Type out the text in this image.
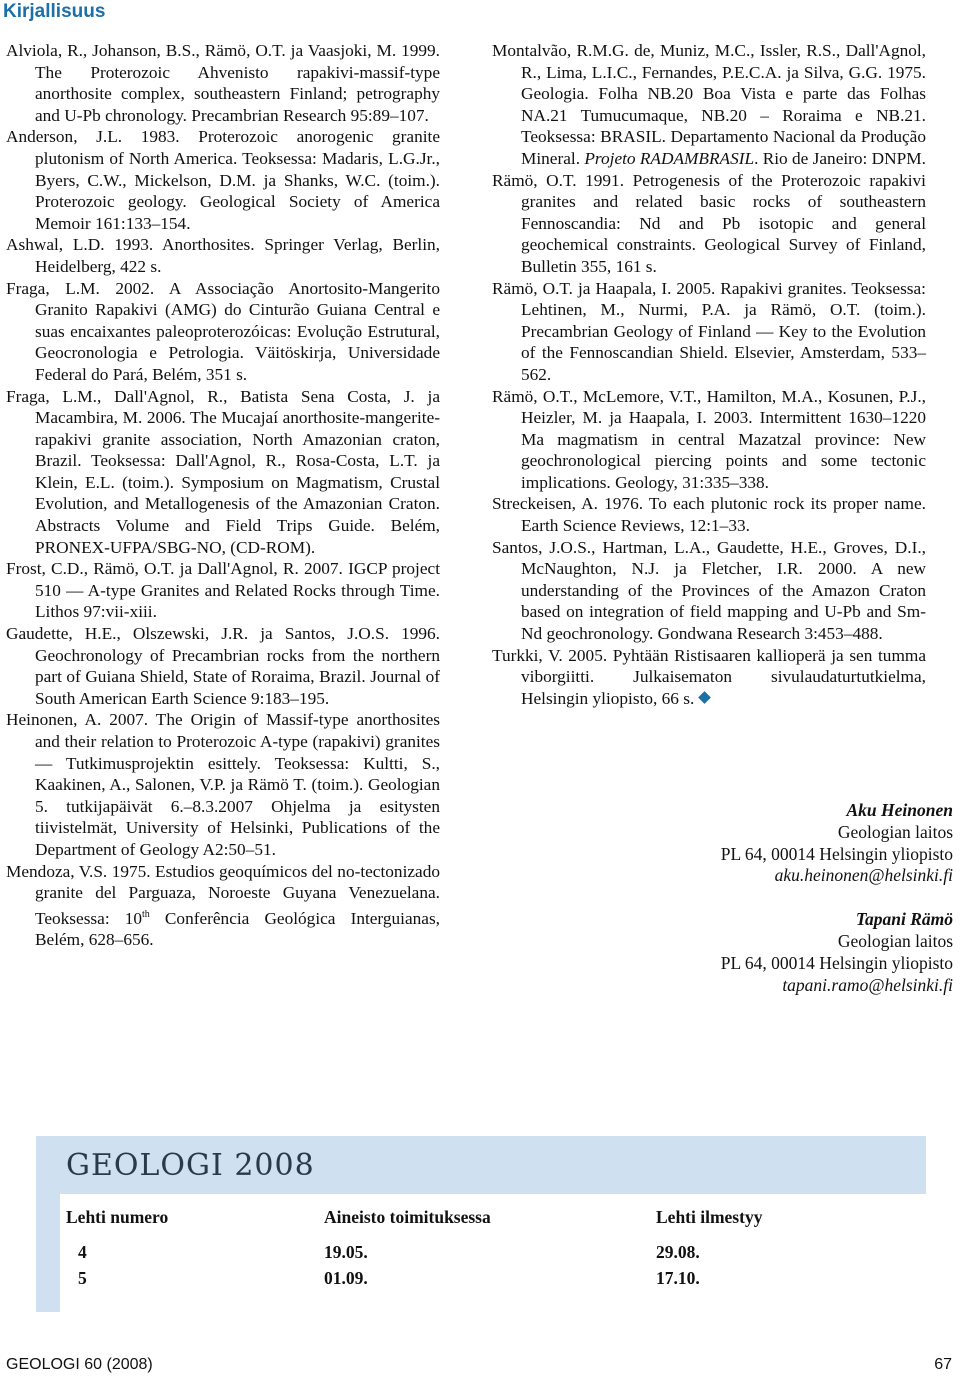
Kirjallisuus

Alviola, R., Johanson, B.S., Rämö, O.T. ja Vaasjoki, M. 1999. The Proterozoic Ahvenisto rapakivi-massif-type anorthosite complex, southeastern Finland; petrography and U-Pb chronology. Precambrian Research 95:89–107.

Anderson, J.L. 1983. Proterozoic anorogenic granite plutonism of North America. Teoksessa: Madaris, L.G.Jr., Byers, C.W., Mickelson, D.M. ja Shanks, W.C. (toim.). Proterozoic geology. Geological Society of America Memoir 161:133–154.

Ashwal, L.D. 1993. Anorthosites. Springer Verlag, Berlin, Heidelberg, 422 s.

Fraga, L.M. 2002. A Associação Anortosito-Mangerito Granito Rapakivi (AMG) do Cinturão Guiana Central e suas encaixantes paleoproterozóicas: Evolução Estrutural, Geocronologia e Petrologia. Väitöskirja, Universidade Federal do Pará, Belém, 351 s.

Fraga, L.M., Dall'Agnol, R., Batista Sena Costa, J. ja Macambira, M. 2006. The Mucajaí anorthosite-mangerite-rapakivi granite association, North Amazonian craton, Brazil. Teoksessa: Dall'Agnol, R., Rosa-Costa, L.T. ja Klein, E.L. (toim.). Symposium on Magmatism, Crustal Evolution, and Metallogenesis of the Amazonian Craton. Abstracts Volume and Field Trips Guide. Belém, PRONEX-UFPA/SBG-NO, (CD-ROM).

Frost, C.D., Rämö, O.T. ja Dall'Agnol, R. 2007. IGCP project 510 — A-type Granites and Related Rocks through Time. Lithos 97:vii-xiii.

Gaudette, H.E., Olszewski, J.R. ja Santos, J.O.S. 1996. Geochronology of Precambrian rocks from the northern part of Guiana Shield, State of Roraima, Brazil. Journal of South American Earth Science 9:183–195.

Heinonen, A. 2007. The Origin of Massif-type anorthosites and their relation to Proterozoic A-type (rapakivi) granites — Tutkimusprojektin esittely. Teoksessa: Kultti, S., Kaakinen, A., Salonen, V.P. ja Rämö T. (toim.). Geologian 5. tutkijapäivät 6.–8.3.2007 Ohjelma ja esitysten tiivistelmät, University of Helsinki, Publications of the Department of Geology A2:50–51.

Mendoza, V.S. 1975. Estudios geoquímicos del no-tectonizado granite del Parguaza, Noroeste Guyana Venezuelana. Teoksessa: 10th Conferência Geológica Interguianas, Belém, 628–656.

Montalvão, R.M.G. de, Muniz, M.C., Issler, R.S., Dall'Agnol, R., Lima, L.I.C., Fernandes, P.E.C.A. ja Silva, G.G. 1975. Geologia. Folha NB.20 Boa Vista e parte das Folhas NA.21 Tumucumaque, NB.20 – Roraima e NB.21. Teoksessa: BRASIL. Departamento Nacional da Produção Mineral. Projeto RADAMBRASIL. Rio de Janeiro: DNPM.

Rämö, O.T. 1991. Petrogenesis of the Proterozoic rapakivi granites and related basic rocks of southeastern Fennoscandia: Nd and Pb isotopic and general geochemical constraints. Geological Survey of Finland, Bulletin 355, 161 s.

Rämö, O.T. ja Haapala, I. 2005. Rapakivi granites. Teoksessa: Lehtinen, M., Nurmi, P.A. ja Rämö, O.T. (toim.). Precambrian Geology of Finland — Key to the Evolution of the Fennoscandian Shield. Elsevier, Amsterdam, 533–562.

Rämö, O.T., McLemore, V.T., Hamilton, M.A., Kosunen, P.J., Heizler, M. ja Haapala, I. 2003. Intermittent 1630–1220 Ma magmatism in central Mazatzal province: New geochronological piercing points and some tectonic implications. Geology, 31:335–338.

Streckeisen, A. 1976. To each plutonic rock its proper name. Earth Science Reviews, 12:1–33.

Santos, J.O.S., Hartman, L.A., Gaudette, H.E., Groves, D.I., McNaughton, N.J. ja Fletcher, I.R. 2000. A new understanding of the Provinces of the Amazon Craton based on integration of field mapping and U-Pb and Sm-Nd geochronology. Gondwana Research 3:453–488.

Turkki, V. 2005. Pyhtään Ristisaaren kallioperä ja sen tumma viborgiitti. Julkaisematon sivulaudaturtutkielma, Helsingin yliopisto, 66 s.

Aku Heinonen
Geologian laitos
PL 64, 00014 Helsingin yliopisto
aku.heinonen@helsinki.fi
Tapani Rämö
Geologian laitos
PL 64, 00014 Helsingin yliopisto
tapani.ramo@helsinki.fi
GEOLOGI 2008
Lehti numero	Aineisto toimituksessa	Lehti ilmestyy
4	19.05.	29.08.
5	01.09.	17.10.
GEOLOGI 60 (2008)	67
